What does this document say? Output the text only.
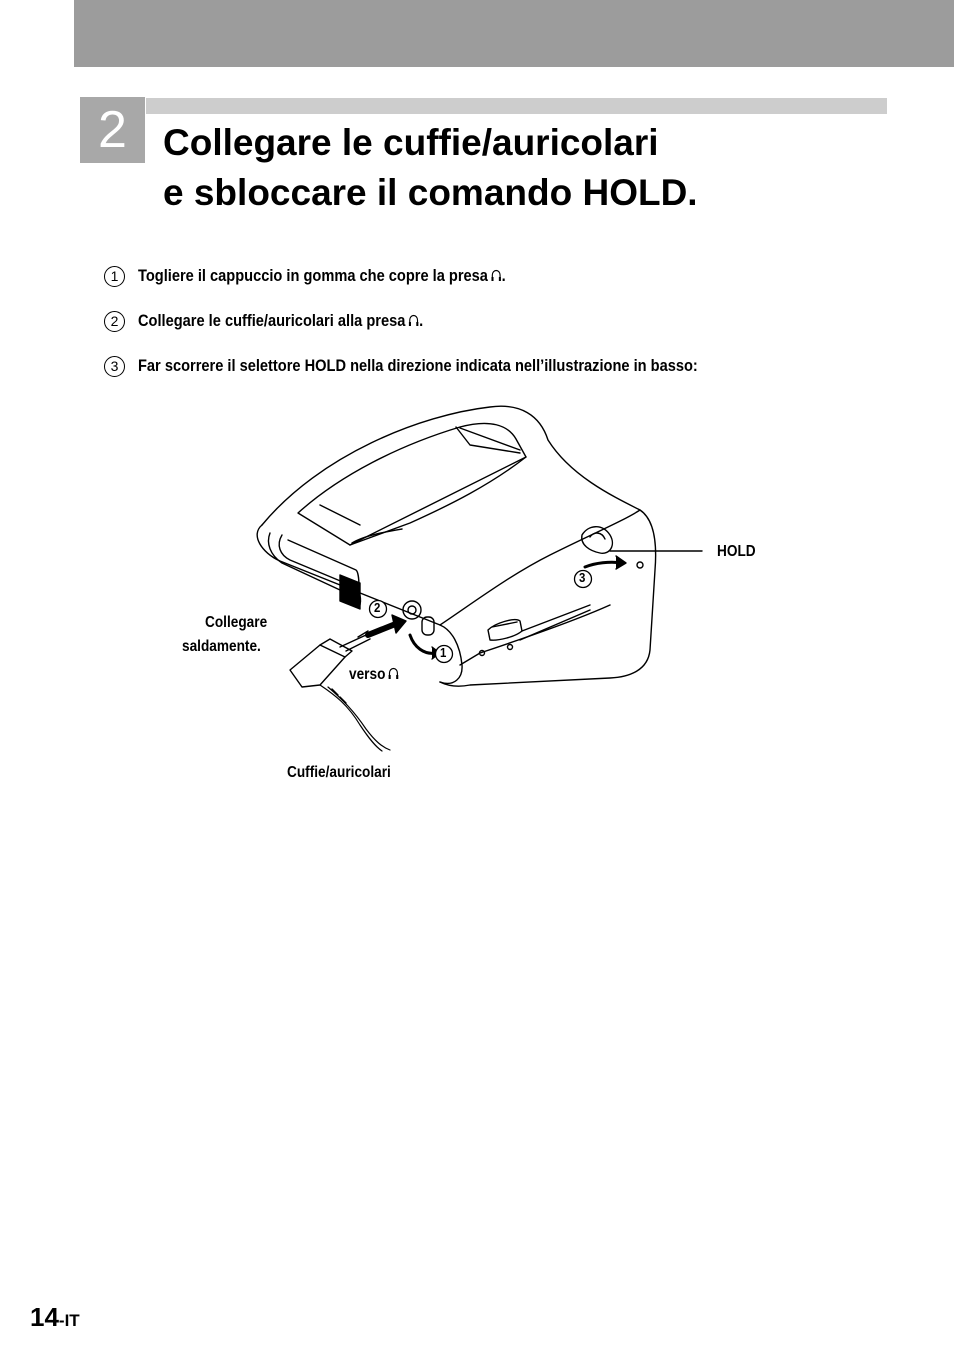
2 Collegare le cuffie/auricolari
e sbloccare il comando HOLD.
1	Togliere il cappuccio in gomma che copre la presa .
2	Collegare le cuffie/auricolari alla presa .
3	Far scorrere il selettore HOLD nella direzione indicata nell’illustrazione in basso:
2
1
3
HOLD
Collegare
saldamente.
verso
Cuffie/auricolari
14-IT
